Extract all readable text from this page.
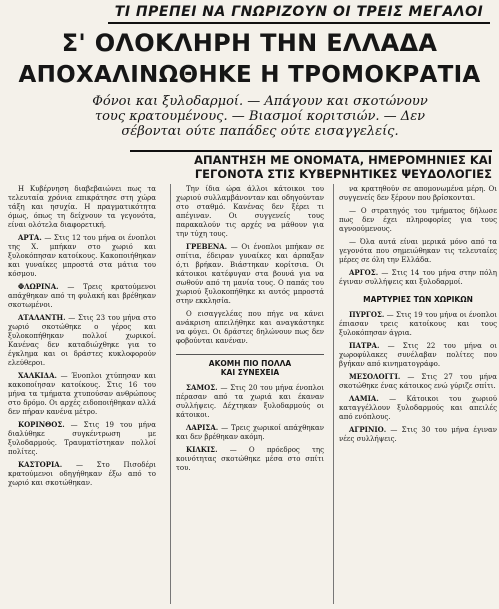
ΤΙ ΠΡΕΠΕΙ ΝΑ ΓΝΩΡΙΖΟΥΝ ΟΙ ΤΡΕΙΣ ΜΕΓΑΛΟΙ
Σ' ΟΛΟΚΛΗΡΗ ΤΗΝ ΕΛΛΑΔΑ
ΑΠΟΧΑΛΙΝΩΘΗΚΕ Η ΤΡΟΜΟΚΡΑΤΙΑ
Φόνοι και ξυλοδαρμοί. — Απάγουν και σκοτώνουν
τους κρατουμένους. — Βιασμοί κοριτσιών. — Δεν
σέβονται ούτε παπάδες ούτε εισαγγελείς.
ΑΠΑΝΤΗΣΗ ΜΕ ΟΝΟΜΑΤΑ, ΗΜΕΡΟΜΗΝΙΕΣ ΚΑΙ
ΓΕΓΟΝΟΤΑ ΣΤΙΣ ΚΥΒΕΡΝΗΤΙΚΕΣ ΨΕΥΔΟΛΟΓΙΕΣ

Η Κυβέρνηση διαβεβαιώνει πως τα τελευταία χρόνια επικράτησε στη χώρα τάξη και ησυχία. Η πραγματικότητα όμως, όπως τη δείχνουν τα γεγονότα, είναι ολότελα διαφορετική.

ΑΡΤΑ. — Στις 12 του μήνα οι ένοπλοι της Χ. μπήκαν στο χωριό και ξυλοκόπησαν κατοίκους. Κακοποιήθηκαν και γυναίκες μπροστά στα μάτια του κόσμου.

ΦΛΩΡΙΝΑ. — Τρεις κρατούμενοι απάχθηκαν από τη φυλακή και βρέθηκαν σκοτωμένοι.

ΑΤΑΛΑΝΤΗ. — Στις 23 του μήνα στο χωριό σκοτώθηκε ο γέρος και ξυλοκοπήθηκαν πολλοί χωρικοί. Κανένας δεν καταδιώχθηκε για το έγκλημα και οι δράστες κυκλοφορούν ελεύθεροι.

ΧΑΛΚΙΔΑ. — Ένοπλοι χτύπησαν και κακοποίησαν κατοίκους. Στις 16 του μήνα τα τμήματα χτυπούσαν ανθρώπους στο δρόμο. Οι αρχές ειδοποιήθηκαν αλλά δεν πήραν κανένα μέτρο.

ΚΟΡΙΝΘΟΣ. — Στις 19 του μήνα διαλύθηκε συγκέντρωση με ξυλοδαρμούς. Τραυματίστηκαν πολλοί πολίτες.

ΚΑΣΤΟΡΙΑ. — Στο Πισοδέρι κρατούμενοι οδηγήθηκαν έξω από το χωριό και σκοτώθηκαν.

Την ίδια ώρα άλλοι κάτοικοι του χωριού συλλαμβάνονταν και οδηγούνταν στο σταθμό. Κανένας δεν ξέρει τι απέγιναν. Οι συγγενείς τους παρακαλούν τις αρχές να μάθουν για την τύχη τους.

ΓΡΕΒΕΝΑ. — Οι ένοπλοι μπήκαν σε σπίτια, έδειραν γυναίκες και άρπαξαν ό,τι βρήκαν. Βιάστηκαν κορίτσια. Οι κάτοικοι κατέφυγαν στα βουνά για να σωθούν από τη μανία τους. Ο παπάς του χωριού ξυλοκοπήθηκε κι αυτός μπροστά στην εκκλησία.

Ο εισαγγελέας που πήγε να κάνει ανάκριση απειλήθηκε και αναγκάστηκε να φύγει. Οι δράστες δηλώνουν πως δεν φοβούνται κανέναν.

ΑΚΟΜΗ ΠΙΟ ΠΟΛΛΑ
ΚΑΙ ΣΥΝΕΧΕΙΑ

ΣΑΜΟΣ. — Στις 20 του μήνα ένοπλοι πέρασαν από τα χωριά και έκαναν συλλήψεις. Δέχτηκαν ξυλοδαρμούς οι κάτοικοι.

ΛΑΡΙΣΑ. — Τρεις χωρικοί απάχθηκαν και δεν βρέθηκαν ακόμη.

ΚΙΛΚΙΣ. — Ο πρόεδρος της κοινότητας σκοτώθηκε μέσα στο σπίτι του.

να κρατηθούν σε απομονωμένα μέρη. Οι συγγενείς δεν ξέρουν που βρίσκονται.

— Ο στρατηγός του τμήματος δήλωσε πως δεν έχει πληροφορίες για τους αγνοούμενους.

— Όλα αυτά είναι μερικά μόνο από τα γεγονότα που σημειώθηκαν τις τελευταίες μέρες σε όλη την Ελλάδα.

ΑΡΓΟΣ. — Στις 14 του μήνα στην πόλη έγιναν συλλήψεις και ξυλοδαρμοί.

ΜΑΡΤΥΡΙΕΣ ΤΩΝ ΧΩΡΙΚΩΝ

ΠΥΡΓΟΣ. — Στις 19 του μήνα οι ένοπλοι έπιασαν τρεις κατοίκους και τους ξυλοκόπησαν άγρια.

ΠΑΤΡΑ. — Στις 22 του μήνα οι χωροφύλακες συνέλαβαν πολίτες που βγήκαν από κινηματογράφο.

ΜΕΣΟΛΟΓΓΙ. — Στις 27 του μήνα σκοτώθηκε ένας κάτοικος ενώ γύριζε σπίτι.

ΛΑΜΙΑ. — Κάτοικοι του χωριού καταγγέλλουν ξυλοδαρμούς και απειλές από ενόπλους.

ΑΓΡΙΝΙΟ. — Στις 30 του μήνα έγιναν νέες συλλήψεις.
